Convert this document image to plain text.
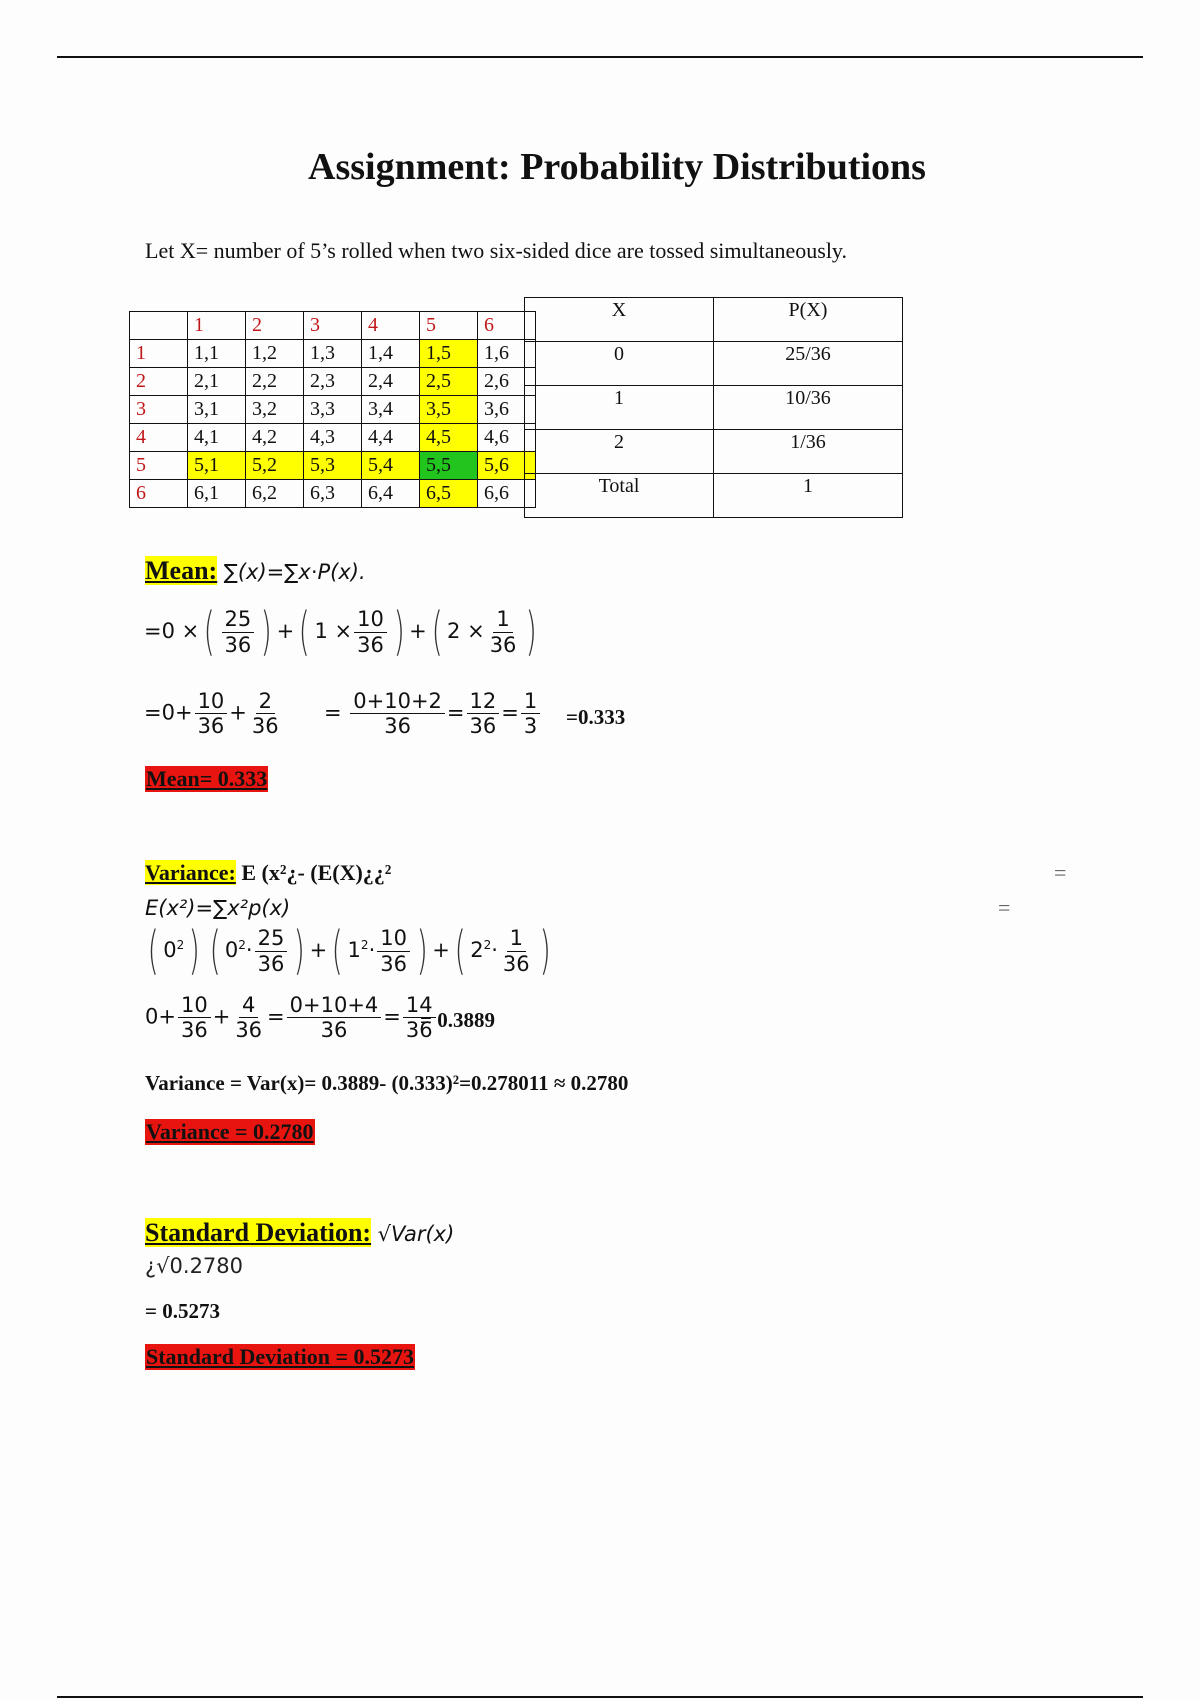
Assignment: Probability Distributions
Let X= number of 5’s rolled when two six-sided dice are tossed simultaneously.
	1	2	3	4	5	6
1	1,1	1,2	1,3	1,4	1,5	1,6
2	2,1	2,2	2,3	2,4	2,5	2,6
3	3,1	3,2	3,3	3,4	3,5	3,6
4	4,1	4,2	4,3	4,4	4,5	4,6
5	5,1	5,2	5,3	5,4	5,5	5,6
6	6,1	6,2	6,3	6,4	6,5	6,6
X	P(X)
0	25/36
1	10/36
2	1/36
Total	1
Mean: ∑(x)=∑x⋅P(x).
=0 ×( $\frac{25}{36}$ ) +( $1 \times \frac{10}{36}$ ) +( $2 \times \frac{1}{36}$ )
$=0+ \frac{10}{36} + \frac{2}{36} = \frac{0+10+2}{36} = \frac{12}{36} = \frac{1}{3} =0.333$
Mean= 0.333
Variance: E (x²¿- (E(X)¿¿²	=
E(x²)=∑x²p(x)	=
( $0^2$) ( $0^2\cdot \frac{25}{36}$ ) +( $1^2\cdot \frac{10}{36}$ ) +( $2^2\cdot \frac{1}{36}$ )
$0+ \frac{10}{36} + \frac{4}{36} = \frac{0+10+4}{36} = \frac{14}{36}$
= 0.3889
Variance = Var(x)= 0.3889- (0.333)²=0.278011 ≈ 0.2780
Variance = 0.2780
Standard Deviation: √Var(x)
¿√0.2780
= 0.5273
Standard Deviation = 0.5273
